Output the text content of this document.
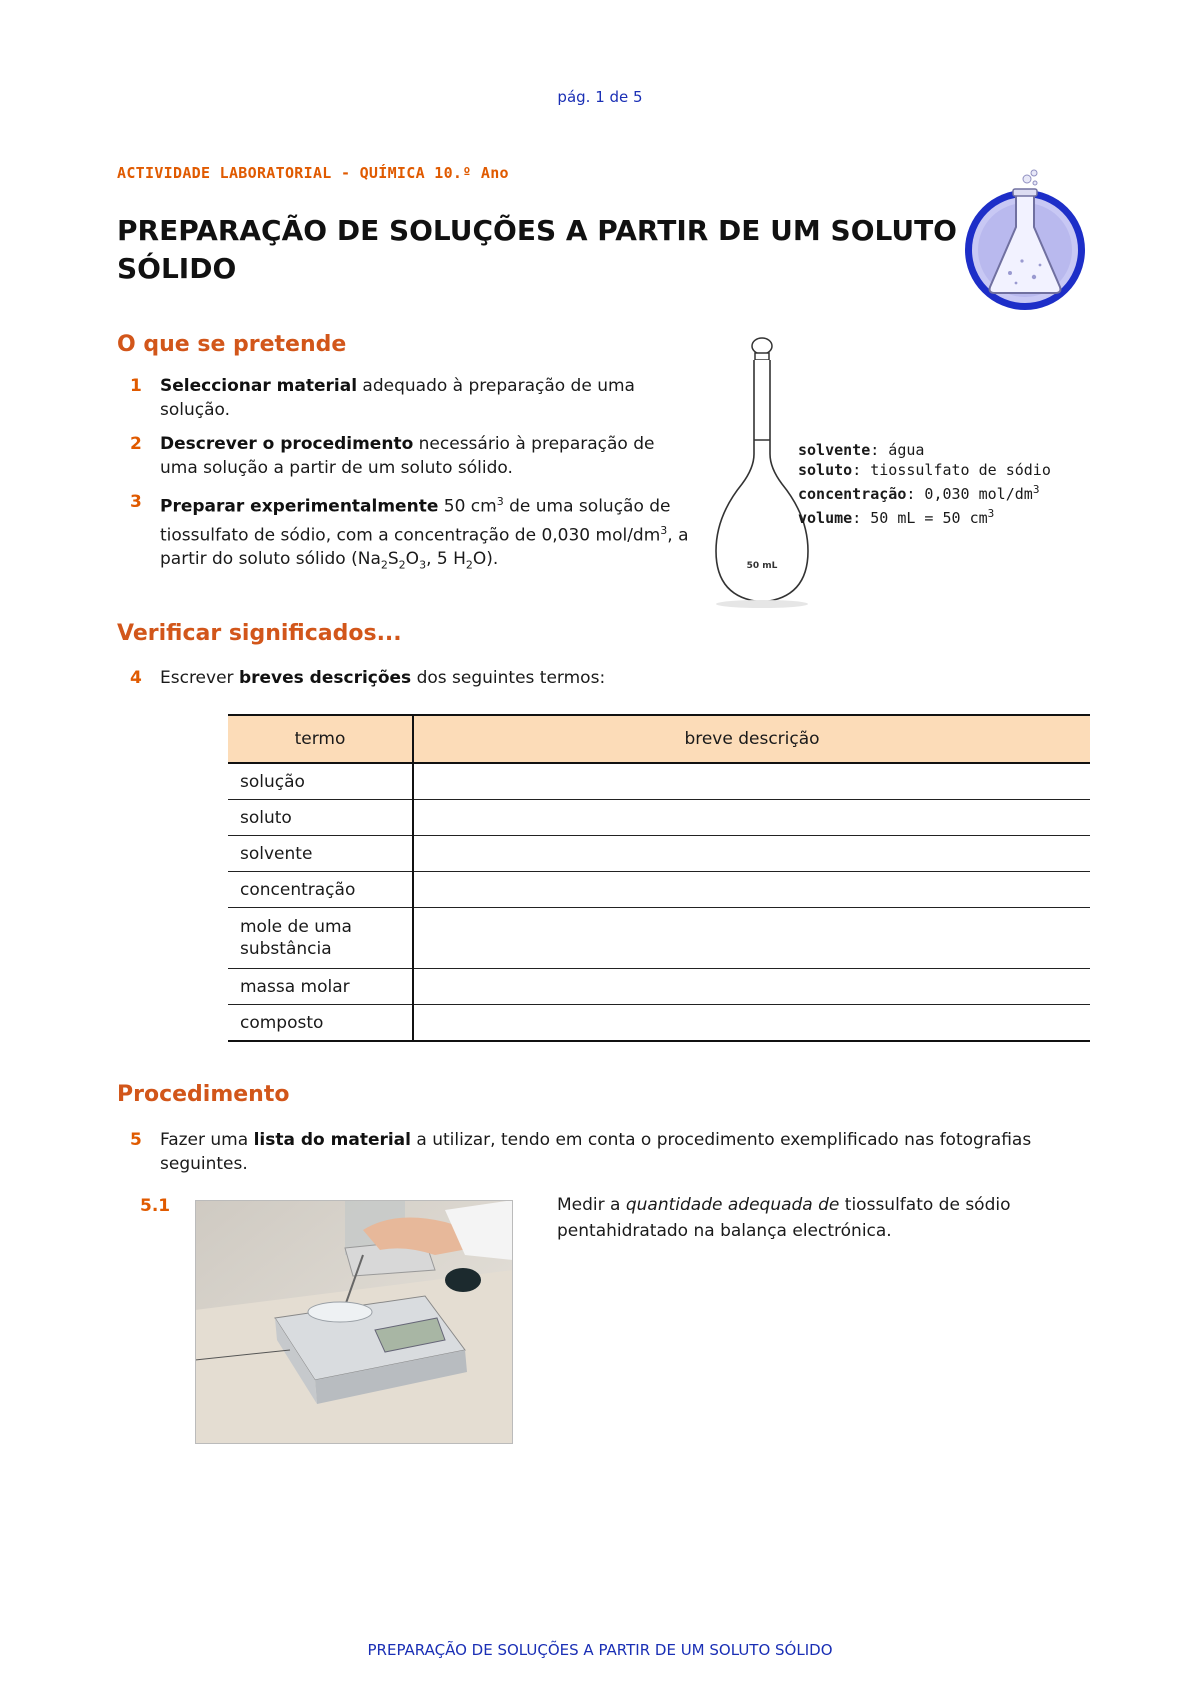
pág. 1 de 5
ACTIVIDADE LABORATORIAL - QUÍMICA 10.º Ano
PREPARAÇÃO DE SOLUÇÕES A PARTIR DE UM SOLUTO SÓLIDO
O que se pretende
1	Seleccionar material adequado à preparação de uma solução.
2	Descrever o procedimento necessário à preparação de uma solução a partir de um soluto sólido.
3	Preparar experimentalmente 50 $cm^3$ de uma solução de tiossulfato de sódio, com a concentração de 0,030 mol/$dm^3$, a partir do soluto sólido ($Na_2S_2O_3$, 5 $H_2O$).	50 mL
solvente: água
soluto: tiossulfato de sódio
concentração: 0,030 mol/$dm^3$
volume: 50 mL = 50 $cm^3$
Verificar significados...
4	Escrever breves descrições dos seguintes termos:
termo	breve descrição
solução	
soluto	
solvente	
concentração	
mole de uma substância	
massa molar	
composto	
Procedimento
5	Fazer uma lista do material a utilizar, tendo em conta o procedimento exemplificado nas fotografias seguintes.
5.1	Medir a quantidade adequada de tiossulfato de sódio pentahidratado na balança electrónica.
PREPARAÇÃO DE SOLUÇÕES A PARTIR DE UM SOLUTO SÓLIDO
